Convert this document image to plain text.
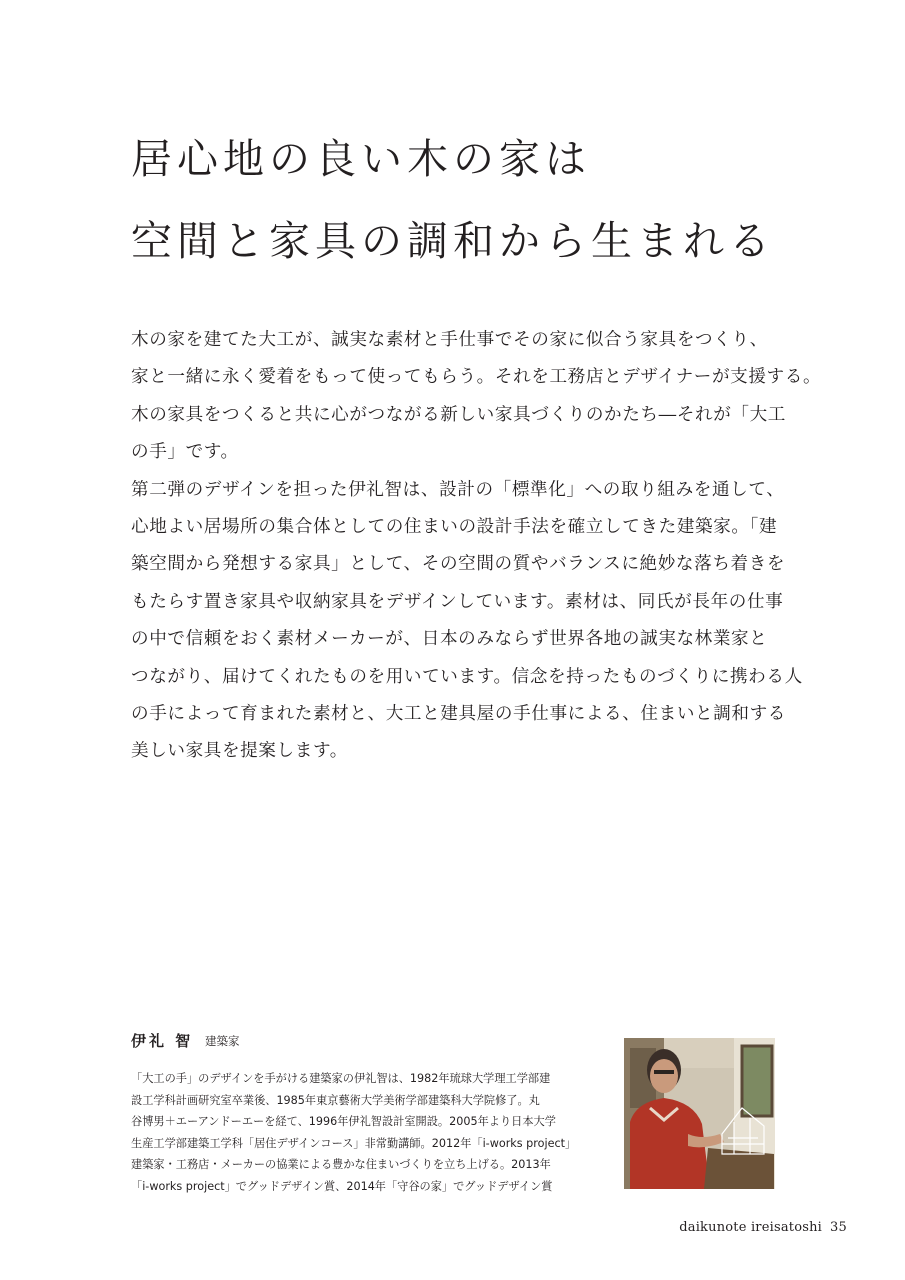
居心地の良い木の家は
空間と家具の調和から生まれる
木の家を建てた大工が、誠実な素材と手仕事でその家に似合う家具をつくり、
家と一緒に永く愛着をもって使ってもらう。それを工務店とデザイナーが支援する。
木の家具をつくると共に心がつながる新しい家具づくりのかたち―それが「大工
の手」です。
第二弾のデザインを担った伊礼智は、設計の「標準化」への取り組みを通して、
心地よい居場所の集合体としての住まいの設計手法を確立してきた建築家。「建
築空間から発想する家具」として、その空間の質やバランスに絶妙な落ち着きを
もたらす置き家具や収納家具をデザインしています。素材は、同氏が長年の仕事
の中で信頼をおく素材メーカーが、日本のみならず世界各地の誠実な林業家と
つながり、届けてくれたものを用いています。信念を持ったものづくりに携わる人
の手によって育まれた素材と、大工と建具屋の手仕事による、住まいと調和する
美しい家具を提案します。
伊礼 智 建築家
「大工の手」のデザインを手がける建築家の伊礼智は、1982年琉球大学理工学部建
設工学科計画研究室卒業後、1985年東京藝術大学美術学部建築科大学院修了。丸
谷博男＋エーアンドーエーを経て、1996年伊礼智設計室開設。2005年より日本大学
生産工学部建築工学科「居住デザインコース」非常勤講師。2012年「i-works project」
建築家・工務店・メーカーの協業による豊かな住まいづくりを立ち上げる。2013年
「i-works project」でグッドデザイン賞、2014年「守谷の家」でグッドデザイン賞
daikunote ireisatoshi 35
